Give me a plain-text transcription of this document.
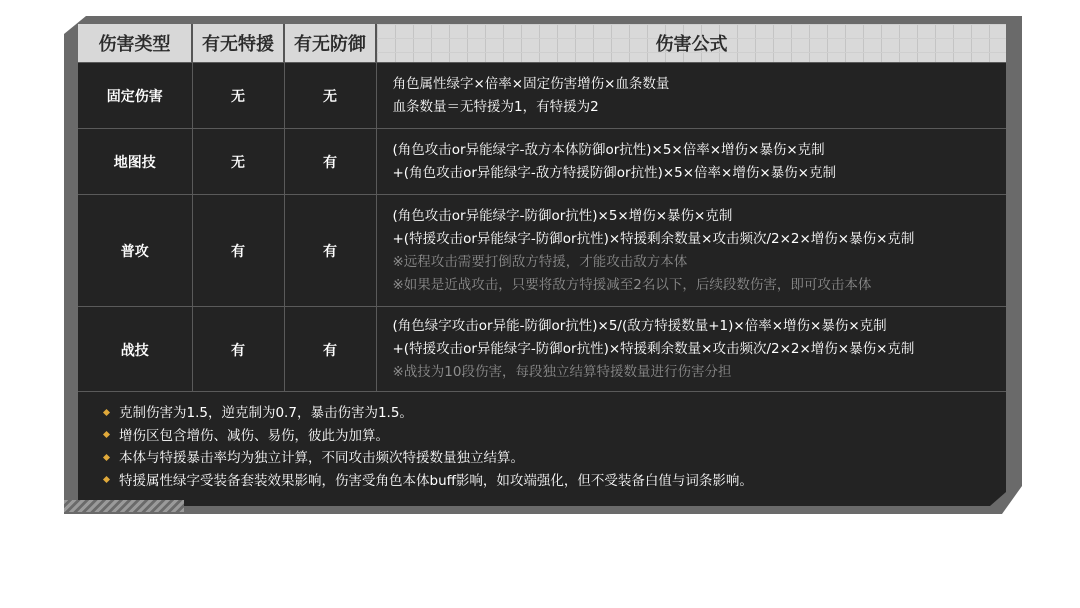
伤害类型	有无特援	有无防御	伤害公式
固定伤害	无	无	角色属性绿字×倍率×固定伤害增伤×血条数量
血条数量＝无特援为1，有特援为2

地图技	无	有	(角色攻击or异能绿字-敌方本体防御or抗性)×5×倍率×增伤×暴伤×克制
+(角色攻击or异能绿字-敌方特援防御or抗性)×5×倍率×增伤×暴伤×克制

普攻	有	有	(角色攻击or异能绿字-防御or抗性)×5×增伤×暴伤×克制
+(特援攻击or异能绿字-防御or抗性)×特援剩余数量×攻击频次/2×2×增伤×暴伤×克制
※远程攻击需要打倒敌方特援，才能攻击敌方本体
※如果是近战攻击，只要将敌方特援减至2名以下，后续段数伤害，即可攻击本体

战技	有	有	(角色绿字攻击or异能-防御or抗性)×5/(敌方特援数量+1)×倍率×增伤×暴伤×克制
+(特援攻击or异能绿字-防御or抗性)×特援剩余数量×攻击频次/2×2×增伤×暴伤×克制
※战技为10段伤害，每段独立结算特援数量进行伤害分担
克制伤害为1.5，逆克制为0.7，暴击伤害为1.5。
增伤区包含增伤、减伤、易伤，彼此为加算。
本体与特援暴击率均为独立计算，不同攻击频次特援数量独立结算。
特援属性绿字受装备套装效果影响，伤害受角色本体buff影响，如攻端强化，但不受装备白值与词条影响。
